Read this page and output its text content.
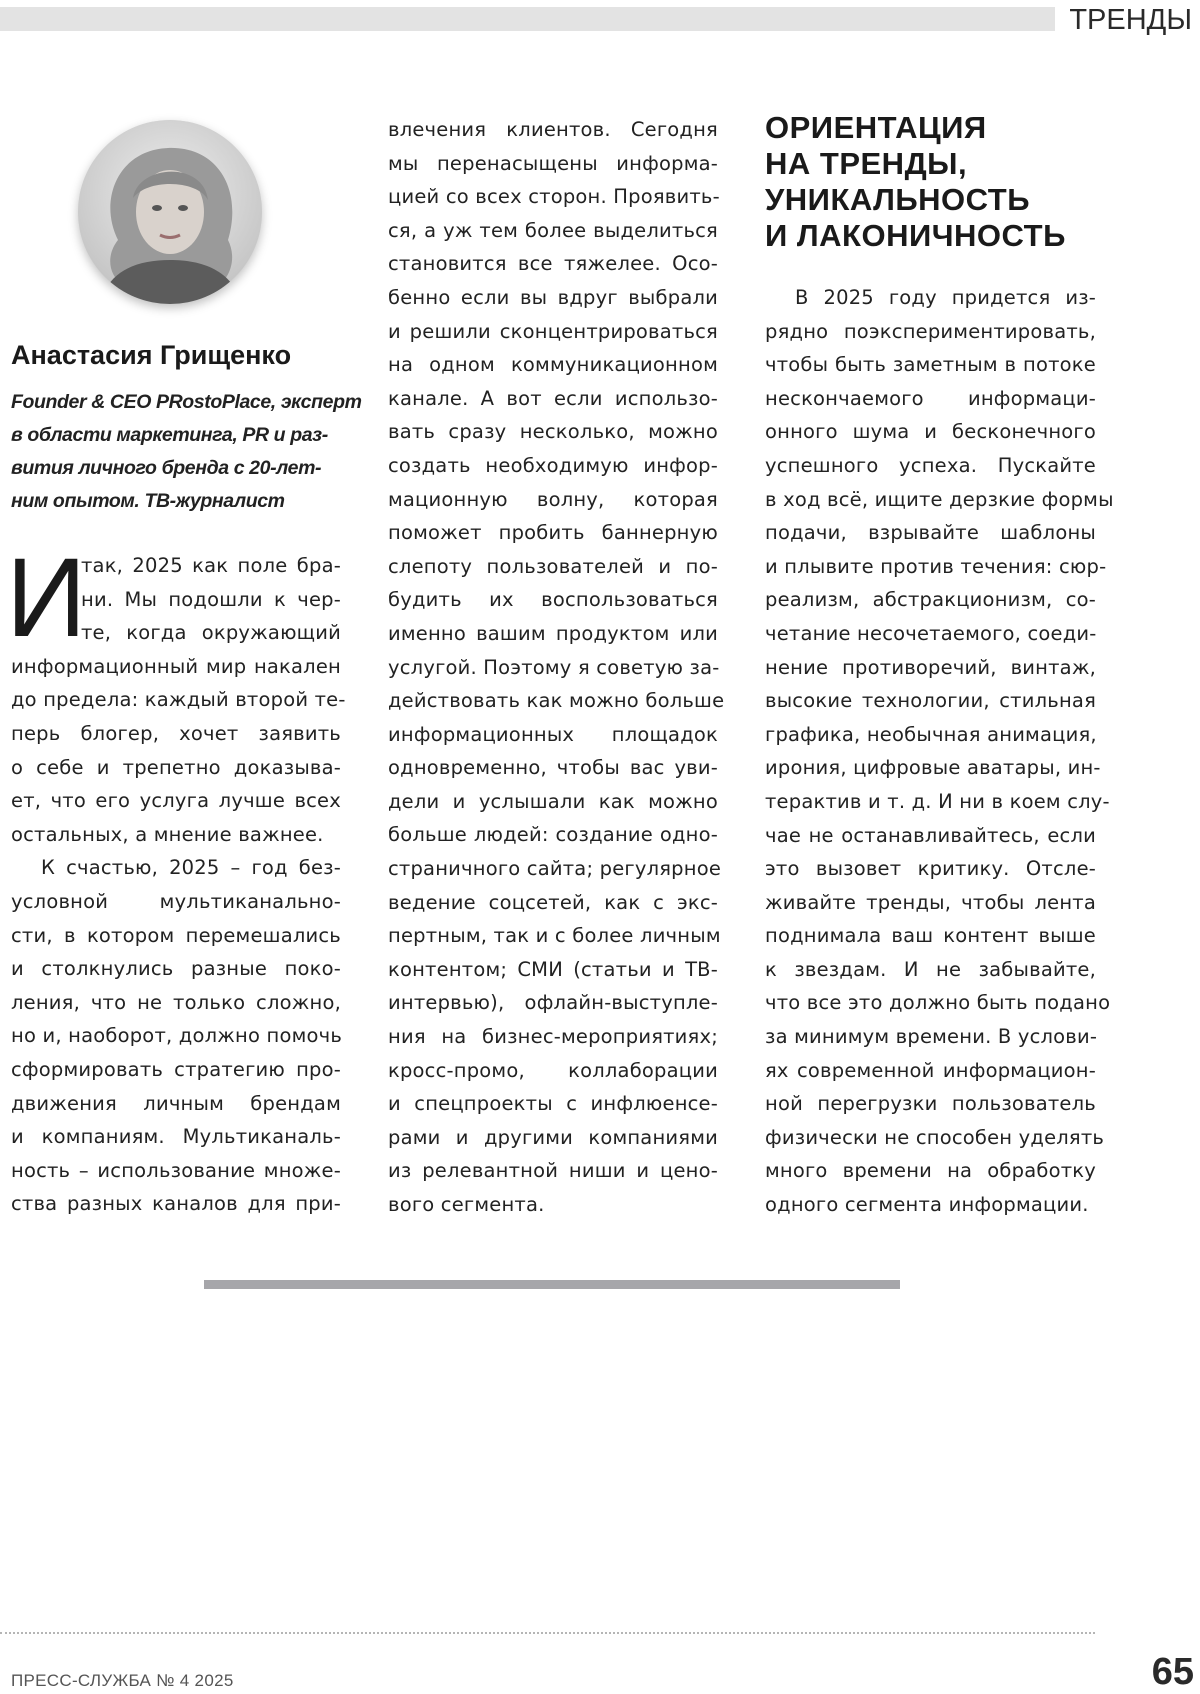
ТРЕНДЫ
Анастасия Грищенко
Founder & CEO PRostoPlace, эксперт
в области маркетинга, PR и раз-
вития личного бренда с 20-лет-
ним опытом. ТВ-журналист
И
так, 2025 как поле бра-
ни. Мы подошли к чер-
те, когда окружающий
информационный мир накален
до предела: каждый второй те-
перь блогер, хочет заявить
о себе и трепетно доказыва-
ет, что его услуга лучше всех
остальных, а мнение важнее.
К счастью, 2025 – год без-
условной мультиканально-
сти, в котором перемешались
и столкнулись разные поко-
ления, что не только сложно,
но и, наоборот, должно помочь
сформировать стратегию про-
движения личным брендам
и компаниям. Мультиканаль-
ность – использование множе-
ства разных каналов для при-
влечения клиентов. Сегодня
мы перенасыщены информа-
цией со всех сторон. Проявить-
ся, а уж тем более выделиться
становится все тяжелее. Осо-
бенно если вы вдруг выбрали
и решили сконцентрироваться
на одном коммуникационном
канале. А вот если использо-
вать сразу несколько, можно
создать необходимую инфор-
мационную волну, которая
поможет пробить баннерную
слепоту пользователей и по-
будить их воспользоваться
именно вашим продуктом или
услугой. Поэтому я советую за-
действовать как можно больше
информационных площадок
одновременно, чтобы вас уви-
дели и услышали как можно
больше людей: создание одно-
страничного сайта; регулярное
ведение соцсетей, как с экс-
пертным, так и с более личным
контентом; СМИ (статьи и ТВ-
интервью), офлайн-выступле-
ния на бизнес-мероприятиях;
кросс-промо, коллаборации
и спецпроекты с инфлюенсе-
рами и другими компаниями
из релевантной ниши и цено-
вого сегмента.
ОРИЕНТАЦИЯ
НА ТРЕНДЫ,
УНИКАЛЬНОСТЬ
И ЛАКОНИЧНОСТЬ
В 2025 году придется из-
рядно поэкспериментировать,
чтобы быть заметным в потоке
нескончаемого информаци-
онного шума и бесконечного
успешного успеха. Пускайте
в ход всё, ищите дерзкие формы
подачи, взрывайте шаблоны
и плывите против течения: сюр-
реализм, абстракционизм, со-
четание несочетаемого, соеди-
нение противоречий, винтаж,
высокие технологии, стильная
графика, необычная анимация,
ирония, цифровые аватары, ин-
терактив и т. д. И ни в коем слу-
чае не останавливайтесь, если
это вызовет критику. Отсле-
живайте тренды, чтобы лента
поднимала ваш контент выше
к звездам. И не забывайте,
что все это должно быть подано
за минимум времени. В услови-
ях современной информацион-
ной перегрузки пользователь
физически не способен уделять
много времени на обработку
одного сегмента информации.
ПРЕСС-СЛУЖБА № 4 2025	65
